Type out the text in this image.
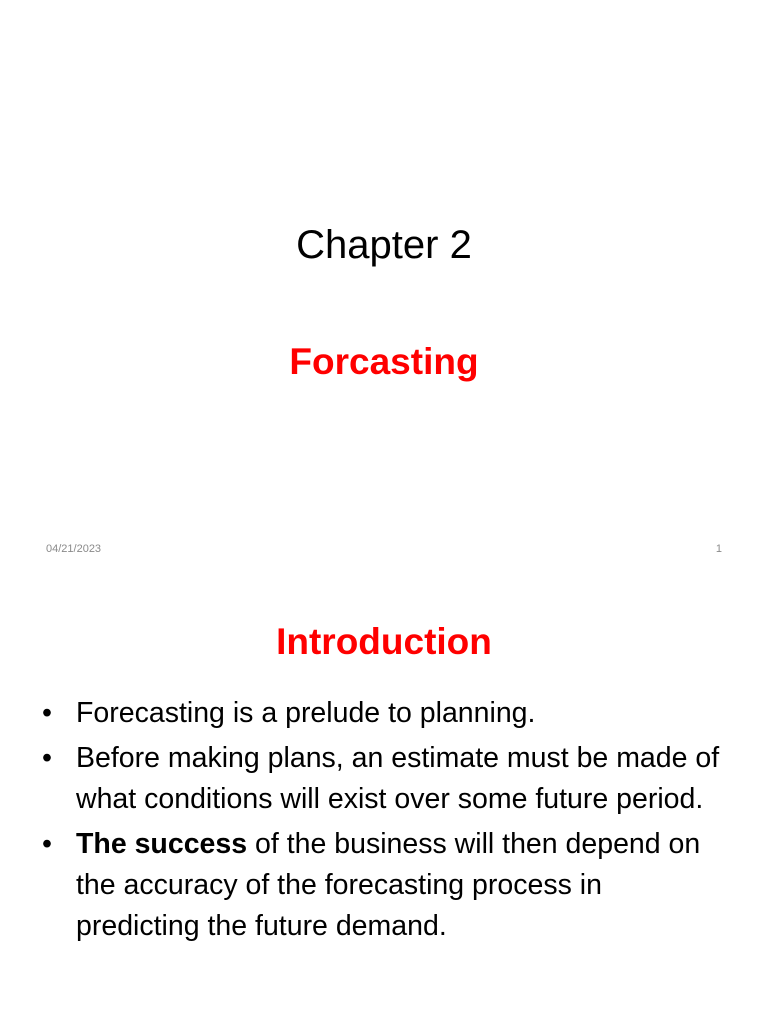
Chapter 2
Forcasting
04/21/2023	1
Introduction
• Forecasting is a prelude to planning.
• Before making plans, an estimate must be made of what conditions will exist over some future period.
• The success of the business will then depend on the accuracy of the forecasting process in predicting the future demand.
